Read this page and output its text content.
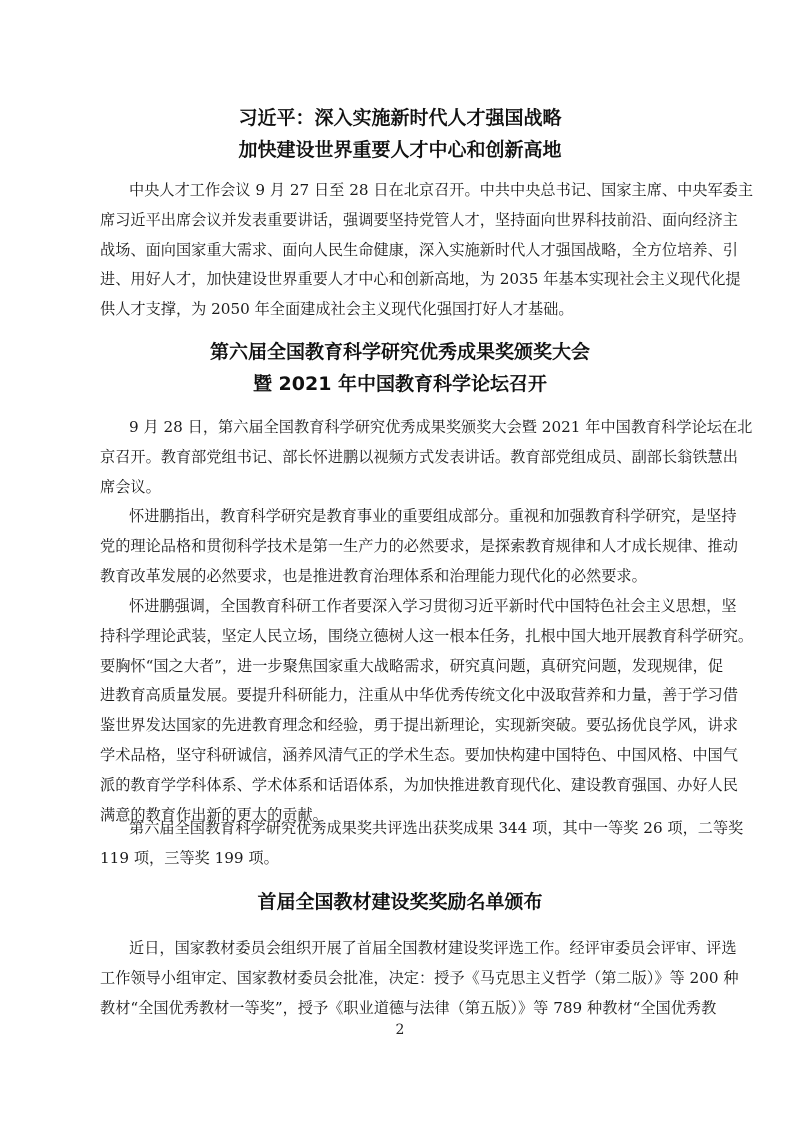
习近平：深入实施新时代人才强国战略
加快建设世界重要人才中心和创新高地
中央人才工作会议 9 月 27 日至 28 日在北京召开。中共中央总书记、国家主席、中央军委主
席习近平出席会议并发表重要讲话，强调要坚持党管人才，坚持面向世界科技前沿、面向经济主
战场、面向国家重大需求、面向人民生命健康，深入实施新时代人才强国战略，全方位培养、引
进、用好人才，加快建设世界重要人才中心和创新高地，为 2035 年基本实现社会主义现代化提
供人才支撑，为 2050 年全面建成社会主义现代化强国打好人才基础。
第六届全国教育科学研究优秀成果奖颁奖大会
暨 2021 年中国教育科学论坛召开
9 月 28 日，第六届全国教育科学研究优秀成果奖颁奖大会暨 2021 年中国教育科学论坛在北
京召开。教育部党组书记、部长怀进鹏以视频方式发表讲话。教育部党组成员、副部长翁铁慧出
席会议。
怀进鹏指出，教育科学研究是教育事业的重要组成部分。重视和加强教育科学研究，是坚持
党的理论品格和贯彻科学技术是第一生产力的必然要求，是探索教育规律和人才成长规律、推动
教育改革发展的必然要求，也是推进教育治理体系和治理能力现代化的必然要求。
怀进鹏强调，全国教育科研工作者要深入学习贯彻习近平新时代中国特色社会主义思想，坚
持科学理论武装，坚定人民立场，围绕立德树人这一根本任务，扎根中国大地开展教育科学研究。
要胸怀“国之大者”，进一步聚焦国家重大战略需求，研究真问题，真研究问题，发现规律，促
进教育高质量发展。要提升科研能力，注重从中华优秀传统文化中汲取营养和力量，善于学习借
鉴世界发达国家的先进教育理念和经验，勇于提出新理论，实现新突破。要弘扬优良学风，讲求
学术品格，坚守科研诚信，涵养风清气正的学术生态。要加快构建中国特色、中国风格、中国气
派的教育学学科体系、学术体系和话语体系，为加快推进教育现代化、建设教育强国、办好人民
满意的教育作出新的更大的贡献。
第六届全国教育科学研究优秀成果奖共评选出获奖成果 344 项，其中一等奖 26 项，二等奖
119 项，三等奖 199 项。
首届全国教材建设奖奖励名单颁布
近日，国家教材委员会组织开展了首届全国教材建设奖评选工作。经评审委员会评审、评选
工作领导小组审定、国家教材委员会批准，决定：授予《马克思主义哲学（第二版）》等 200 种
教材“全国优秀教材一等奖”，授予《职业道德与法律（第五版）》等 789 种教材“全国优秀教
2
